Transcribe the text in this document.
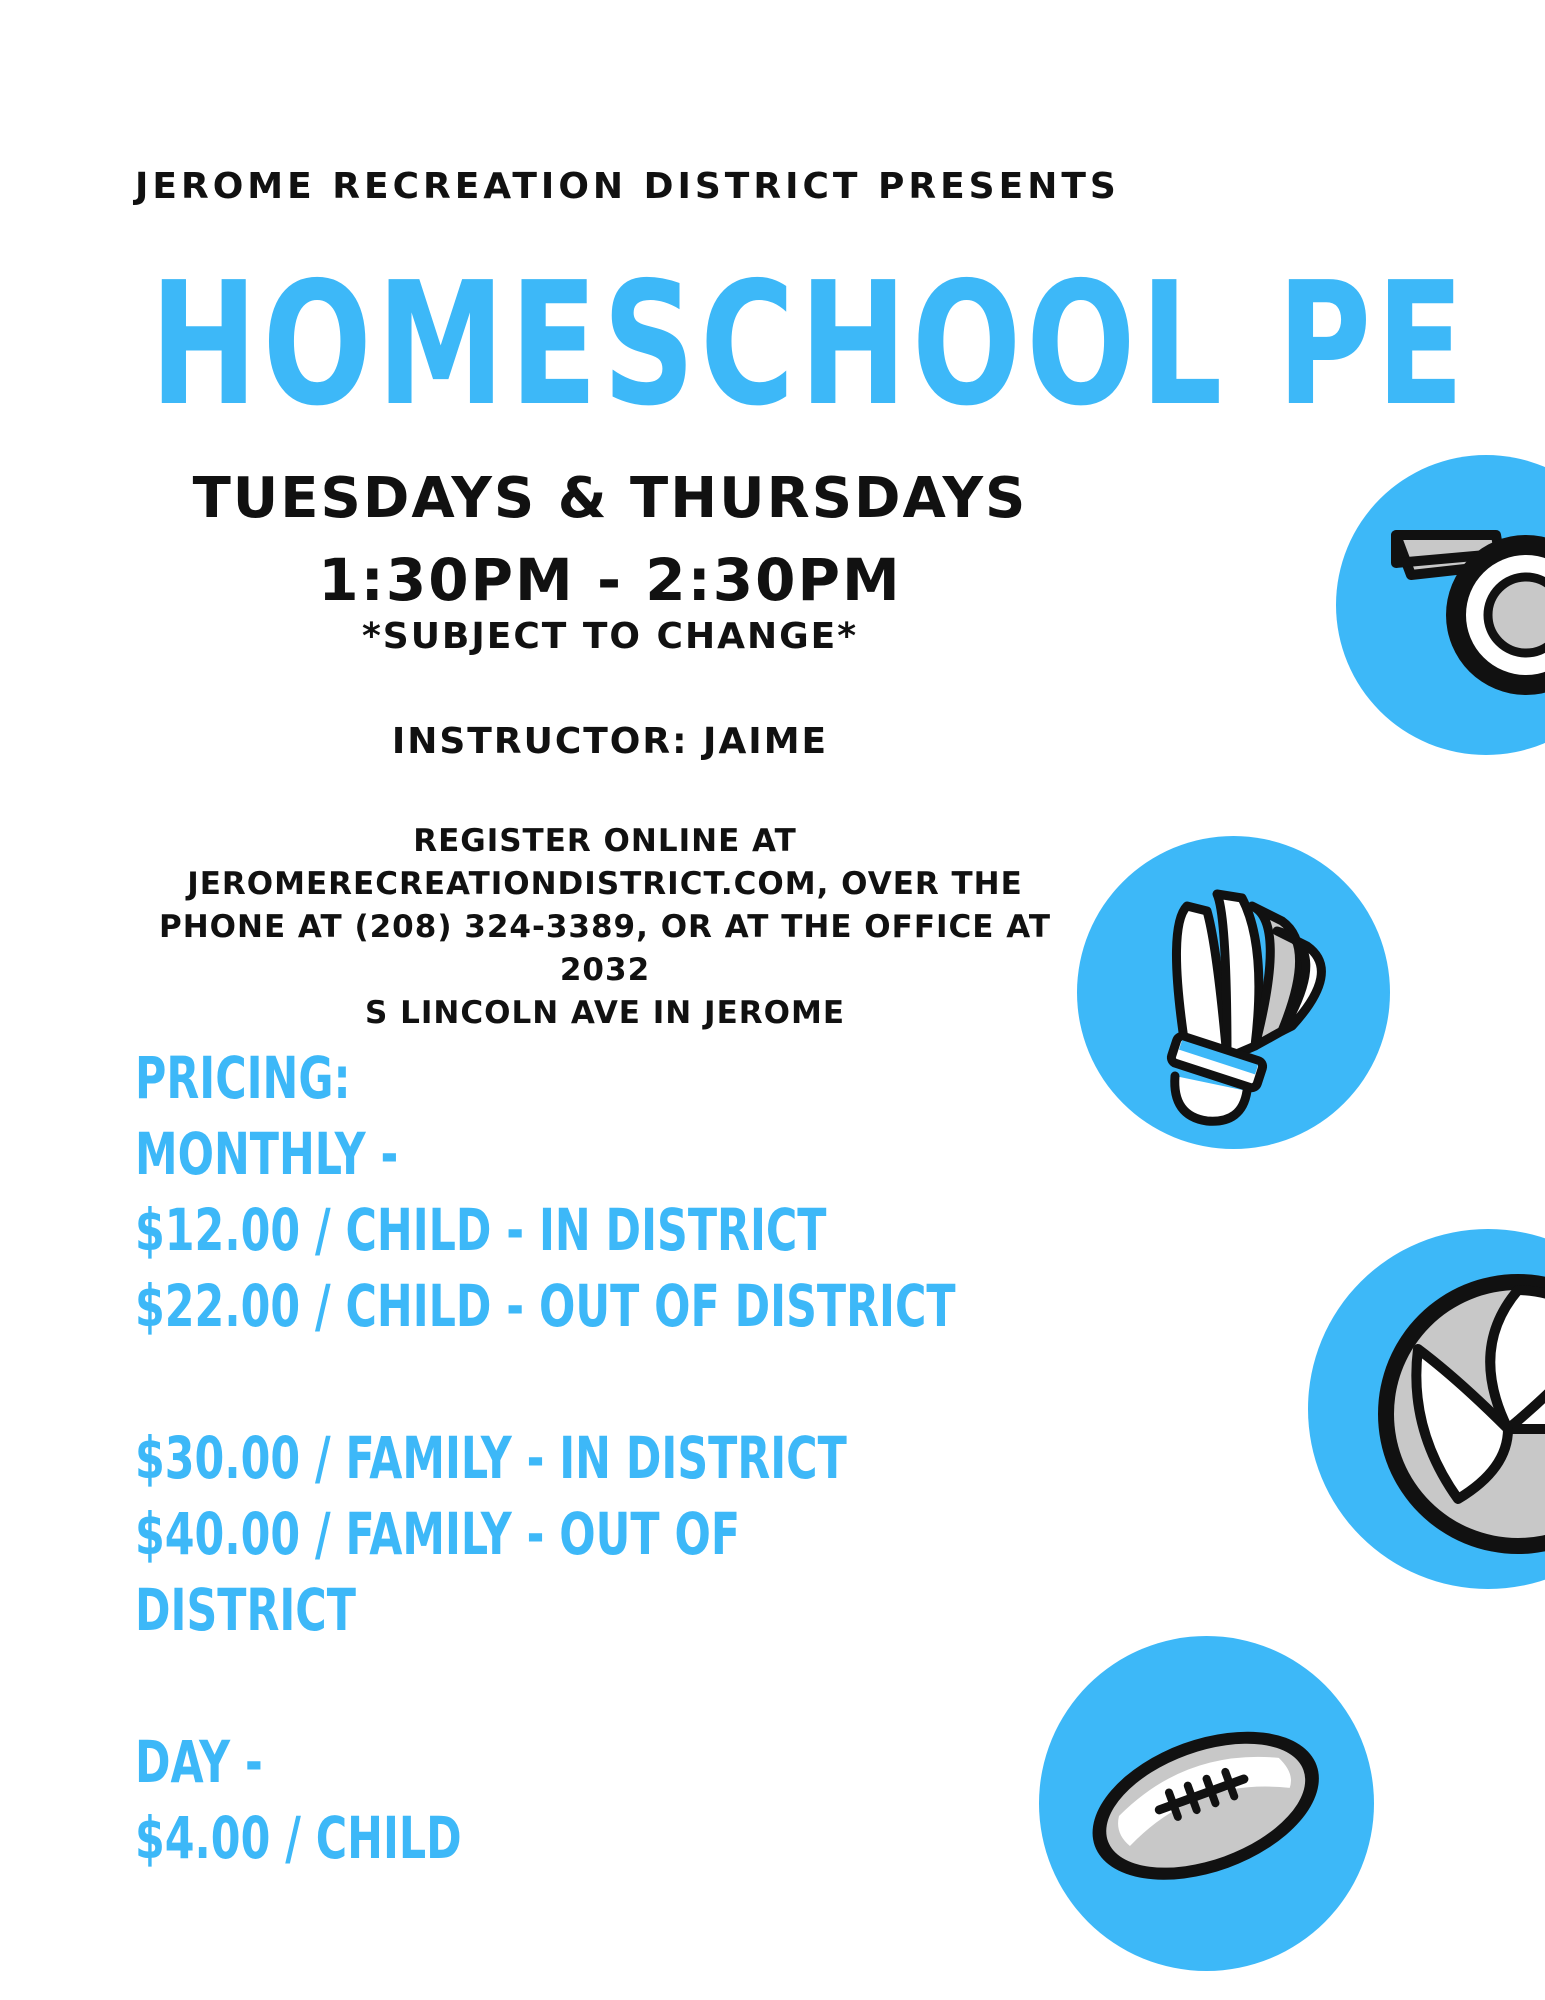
JEROME RECREATION DISTRICT PRESENTS
HOMESCHOOL PE
TUESDAYS & THURSDAYS
1:30PM - 2:30PM
*SUBJECT TO CHANGE*
INSTRUCTOR: JAIME
REGISTER ONLINE AT
JEROMERECREATIONDISTRICT.COM, OVER THE
PHONE AT (208) 324-3389, OR AT THE OFFICE AT 2032
S LINCOLN AVE IN JEROME
PRICING:
MONTHLY -
$12.00 / CHILD - IN DISTRICT
$22.00 / CHILD - OUT OF DISTRICT
$30.00 / FAMILY - IN DISTRICT
$40.00 / FAMILY - OUT OF
DISTRICT
DAY -
$4.00 / CHILD
